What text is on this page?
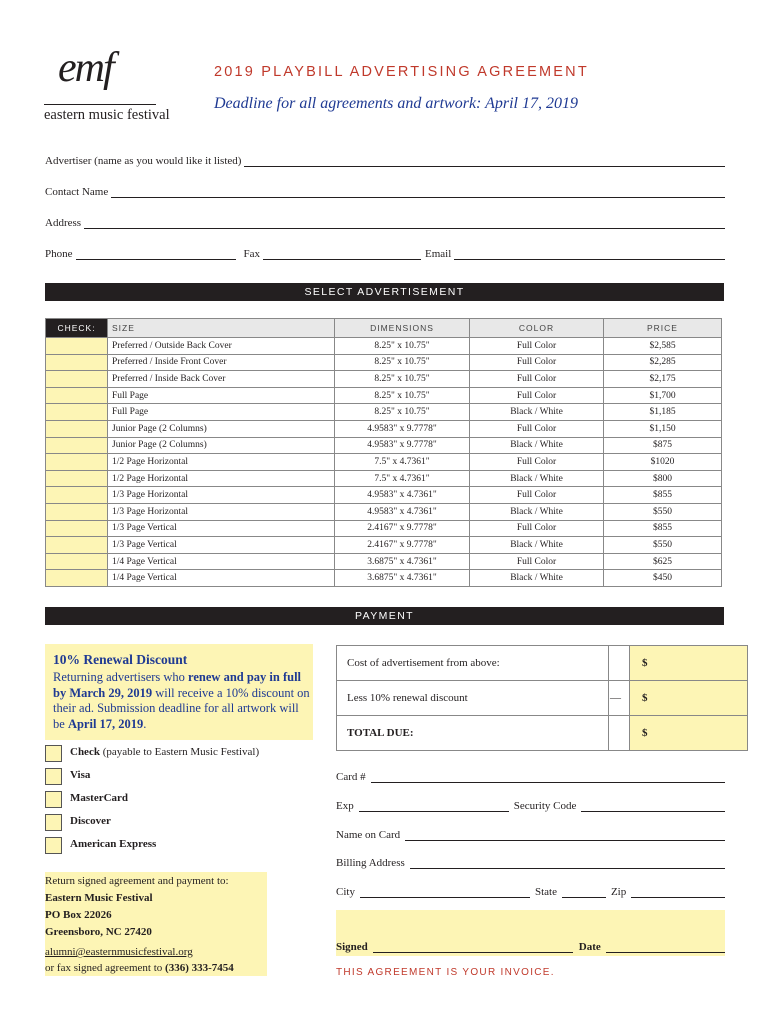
emf
eastern music festival
2019 PLAYBILL ADVERTISING AGREEMENT
Deadline for all agreements and artwork: April 17, 2019
Advertiser (name as you would like it listed)
Contact Name
Address
Phone	Fax	Email
SELECT ADVERTISEMENT
CHECK:	SIZE	DIMENSIONS	COLOR	PRICE
	Preferred / Outside Back Cover	8.25" x 10.75"	Full Color	$2,585
	Preferred / Inside Front Cover	8.25" x 10.75"	Full Color	$2,285
	Preferred / Inside Back Cover	8.25" x 10.75"	Full Color	$2,175
	Full Page	8.25" x 10.75"	Full Color	$1,700
	Full Page	8.25" x 10.75"	Black / White	$1,185
	Junior Page (2 Columns)	4.9583" x 9.7778"	Full Color	$1,150
	Junior Page (2 Columns)	4.9583" x 9.7778"	Black / White	$875
	1/2 Page Horizontal	7.5" x 4.7361"	Full Color	$1020
	1/2 Page Horizontal	7.5" x 4.7361"	Black / White	$800
	1/3 Page Horizontal	4.9583" x 4.7361"	Full Color	$855
	1/3 Page Horizontal	4.9583" x 4.7361"	Black / White	$550
	1/3 Page Vertical	2.4167" x 9.7778"	Full Color	$855
	1/3 Page Vertical	2.4167" x 9.7778"	Black / White	$550
	1/4 Page Vertical	3.6875" x 4.7361"	Full Color	$625
	1/4 Page Vertical	3.6875" x 4.7361"	Black / White	$450
PAYMENT
10% Renewal Discount
Returning advertisers who renew and pay in full by March 29, 2019 will receive a 10% discount on their ad. Submission deadline for all artwork will be April 17, 2019.
Cost of advertisement from above:		$
Less 10% renewal discount	—	$
TOTAL DUE:		$
Check (payable to Eastern Music Festival)
Visa
MasterCard
Discover
American Express
Card #
Exp	Security Code
Name on Card
Billing Address
City	State	Zip
Signed	Date
THIS AGREEMENT IS YOUR INVOICE.
Return signed agreement and payment to:
Eastern Music Festival
PO Box 22026
Greensboro, NC 27420
alumni@easternmusicfestival.org
or fax signed agreement to (336) 333-7454
